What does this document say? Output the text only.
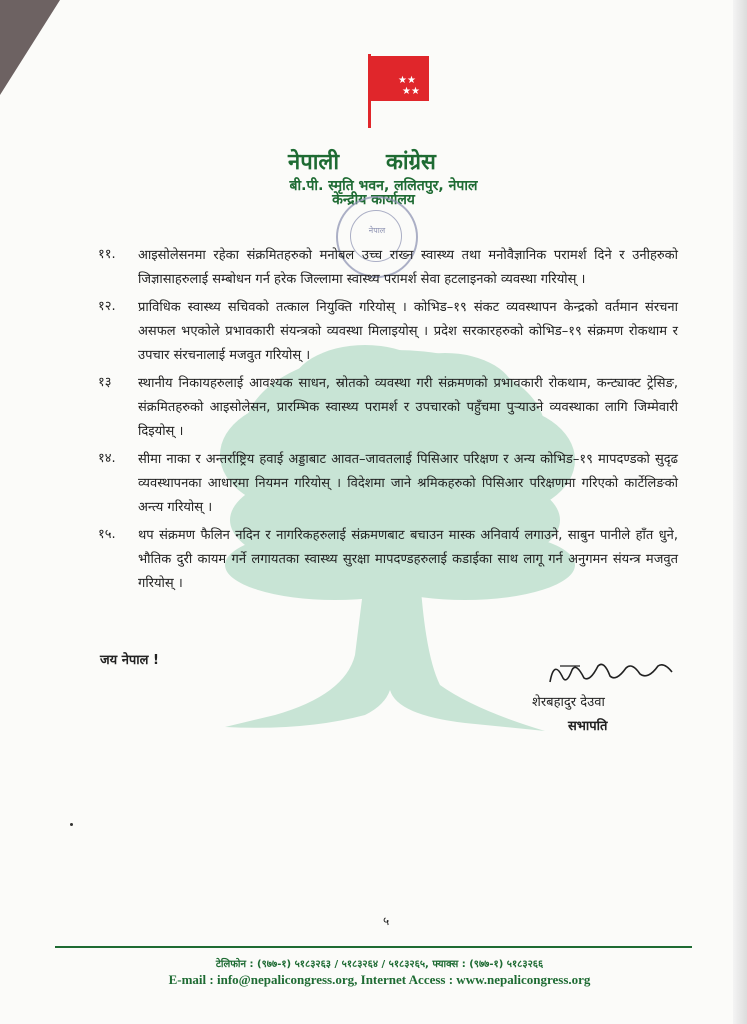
★★
★★
नेपाली कांग्रेस
केन्द्रीय कार्यालय
बी.पी. स्मृति भवन, ललितपुर, नेपाल
नेपाल
११. आइसोलेसनमा रहेका संक्रमितहरुको मनोबल उच्च राख्न स्वास्थ्य तथा मनोवैज्ञानिक परामर्श दिने र उनीहरुको जिज्ञासाहरुलाई सम्बोधन गर्न हरेक जिल्लामा स्वास्थ्य परामर्श सेवा हटलाइनको व्यवस्था गरियोस् ।
१२. प्राविधिक स्वास्थ्य सचिवको तत्काल नियुक्ति गरियोस् । कोभिड–१९ संकट व्यवस्थापन केन्द्रको वर्तमान संरचना असफल भएकोले प्रभावकारी संयन्त्रको व्यवस्था मिलाइयोस् । प्रदेश सरकारहरुको कोभिड–१९ संक्रमण रोकथाम र उपचार संरचनालाई मजवुत गरियोस् ।
१३ स्थानीय निकायहरुलाई आवश्यक साधन, स्रोतको व्यवस्था गरी संक्रमणको प्रभावकारी रोकथाम, कन्ट्याक्ट ट्रेसिङ, संक्रमितहरुको आइसोलेसन, प्रारम्भिक स्वास्थ्य परामर्श र उपचारको पहुँचमा पुर्‍याउने व्यवस्थाका लागि जिम्मेवारी दिइयोस् ।
१४. सीमा नाका र अन्तर्राष्ट्रिय हवाई अड्डाबाट आवत–जावतलाई पिसिआर परिक्षण र अन्य कोभिड–१९ मापदण्डको सुदृढ व्यवस्थापनका आधारमा नियमन गरियोस् । विदेशमा जाने श्रमिकहरुको पिसिआर परिक्षणमा गरिएको कार्टेलिङको अन्त्य गरियोस् ।
१५. थप संक्रमण फैलिन नदिन र नागरिकहरुलाई संक्रमणबाट बचाउन मास्क अनिवार्य लगाउने, साबुन पानीले हाँत धुने, भौतिक दुरी कायम गर्ने लगायतका स्वास्थ्य सुरक्षा मापदण्डहरुलाई कडाईका साथ लागू गर्न अनुगमन संयन्त्र मजवुत गरियोस् ।
जय नेपाल !
शेरबहादुर देउवा
सभापति
५
टेलिफोन : (९७७-१) ५१८३२६३ / ५१८३२६४ / ५१८३२६५, फ्याक्स : (९७७-१) ५१८३२६६
E-mail : info@nepalicongress.org, Internet Access : www.nepalicongress.org
